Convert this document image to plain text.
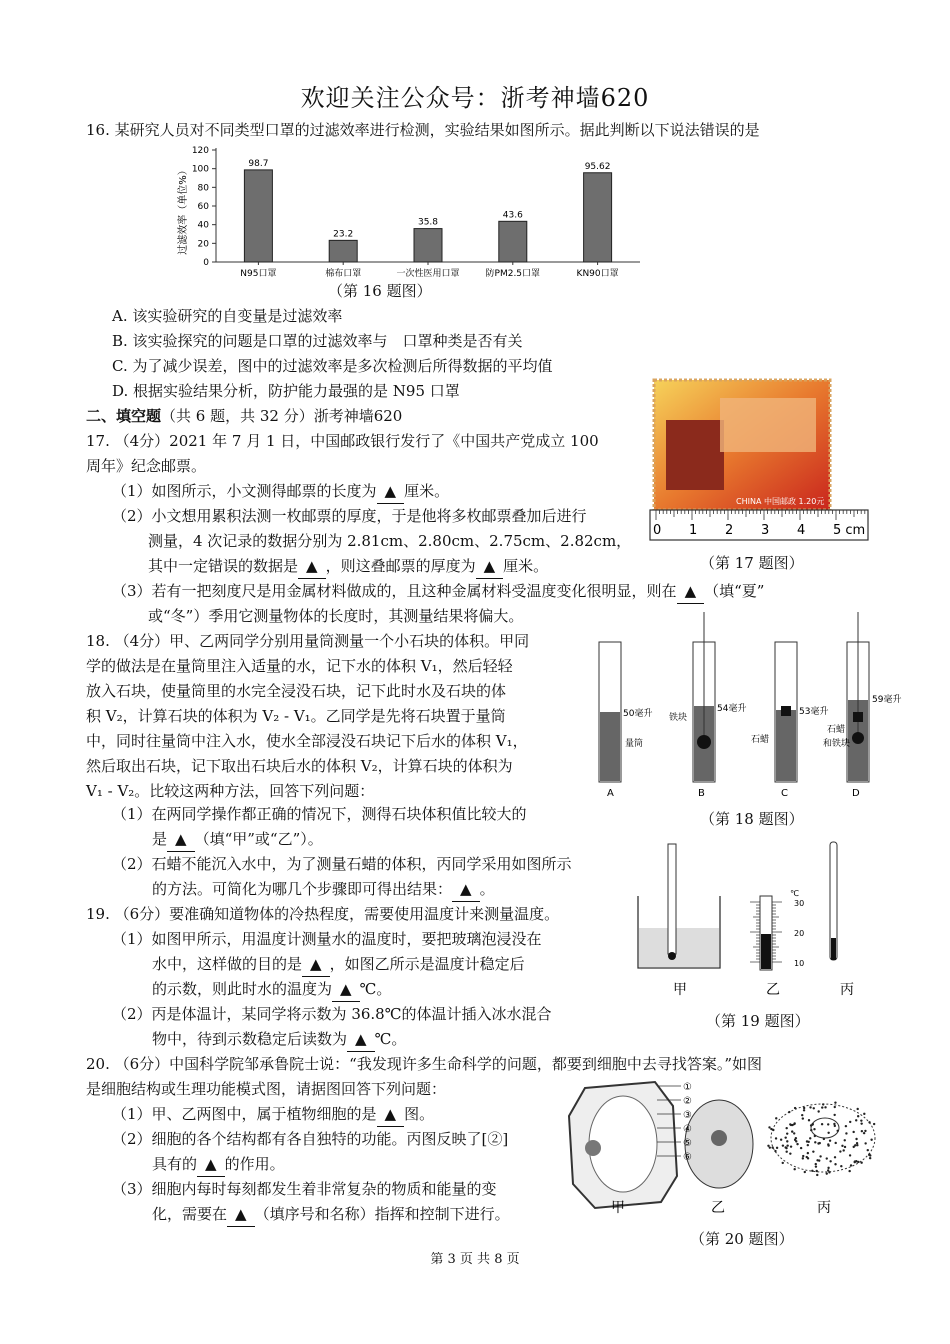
欢迎关注公众号：浙考神墙620
16. 某研究人员对不同类型口罩的过滤效率进行检测，实验结果如图所示。据此判断以下说法错误的是
过滤效率（单位%）
0
20
40
60
80
100
120
98.7
N95口罩
23.2
棉布口罩
35.8
一次性医用口罩
43.6
防PM2.5口罩
95.62
KN90口罩
（第 16 题图）
A. 该实验研究的自变量是过滤效率
B. 该实验探究的问题是口罩的过滤效率与　口罩种类是否有关
C. 为了减少误差，图中的过滤效率是多次检测后所得数据的平均值
D. 根据实验结果分析，防护能力最强的是 N95 口罩
二、填空题（共 6 题，共 32 分）浙考神墙620
17. （4分）2021 年 7 月 1 日，中国邮政银行发行了《中国共产党成立 100
周年》纪念邮票。
（1）如图所示，小文测得邮票的长度为 ▲ 厘米。
（2）小文想用累积法测一枚邮票的厚度，于是他将多枚邮票叠加后进行
测量，4 次记录的数据分别为 2.81cm、2.80cm、2.75cm、2.82cm，
其中一定错误的数据是 ▲ ，则这叠邮票的厚度为 ▲ 厘米。
（3）若有一把刻度尺是用金属材料做成的，且这种金属材料受温度变化很明显，则在 ▲ （填“夏”
或“冬”）季用它测量物体的长度时，其测量结果将偏大。
CHINA 中国邮政 1.20元
0 1 2 3 4 5 cm
（第 17 题图）
18. （4分）甲、乙两同学分别用量筒测量一个小石块的体积。甲同
学的做法是在量筒里注入适量的水，记下水的体积 V₁，然后轻轻
放入石块，使量筒里的水完全浸没石块，记下此时水及石块的体
积 V₂，计算石块的体积为 V₂ - V₁。乙同学是先将石块置于量筒
中，同时往量筒中注入水，使水全部浸没石块记下后水的体积 V₁，
然后取出石块，记下取出石块后水的体积 V₂，计算石块的体积为
V₁ - V₂。比较这两种方法，回答下列问题：
（1）在两同学操作都正确的情况下，测得石块体积值比较大的
是 ▲ （填“甲”或“乙”）。
（2）石蜡不能沉入水中，为了测量石蜡的体积，丙同学采用如图所示
的方法。可简化为哪几个步骤即可得出结果： ▲ 。
50毫升
量筒
A
54毫升
铁块
B
53毫升
石蜡
C
59毫升
石蜡
和铁块
D
（第 18 题图）
19. （6分）要准确知道物体的冷热程度，需要使用温度计来测量温度。
（1）如图甲所示，用温度计测量水的温度时，要把玻璃泡浸没在
水中，这样做的目的是 ▲ ，如图乙所示是温度计稳定后
的示数，则此时水的温度为 ▲ ℃。
（2）丙是体温计，某同学将示数为 36.8℃的体温计插入冰水混合
物中，待到示数稳定后读数为 ▲ ℃。
甲
℃
30
20
10
乙	丙
（第 19 题图）
20. （6分）中国科学院邹承鲁院士说：“我发现许多生命科学的问题，都要到细胞中去寻找答案。”如图
是细胞结构或生理功能模式图，请据图回答下列问题：
（1）甲、乙两图中，属于植物细胞的是 ▲ 图。
（2）细胞的各个结构都有各自独特的功能。丙图反映了[②]
具有的 ▲ 的作用。
（3）细胞内每时每刻都发生着非常复杂的物质和能量的变
化，需要在 ▲ （填序号和名称）指挥和控制下进行。	甲	乙
①
②
③
④
⑤
⑥
丙
（第 20 题图）
第 3 页 共 8 页
